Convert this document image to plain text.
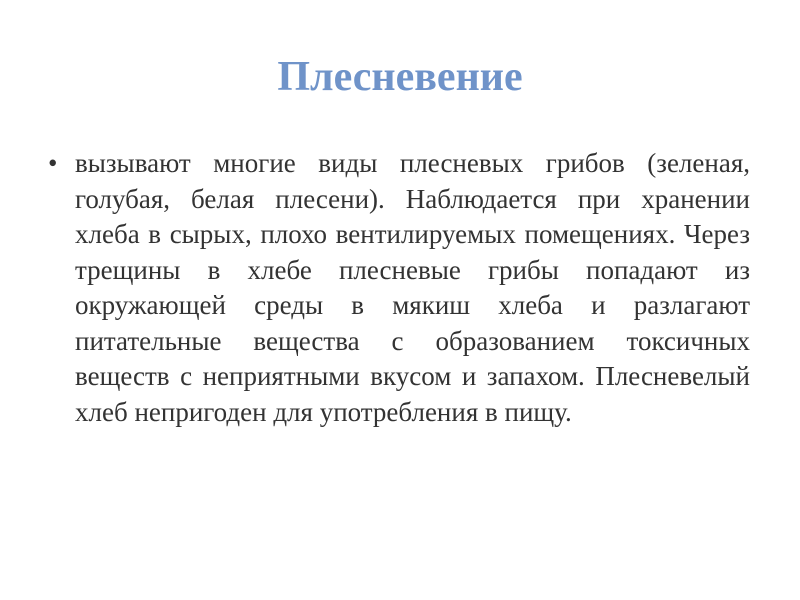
Плесневение
• вызывают многие виды плесневых грибов (зеленая, голубая, белая плесени). Наблюдается при хранении хлеба в сырых, плохо вентилируемых помещениях. Через трещины в хлебе плесневые грибы попадают из окружающей среды в мякиш хлеба и разлагают питательные вещества с образованием токсичных веществ с неприятными вкусом и запахом. Плесневелый хлеб непригоден для употребления в пищу.
